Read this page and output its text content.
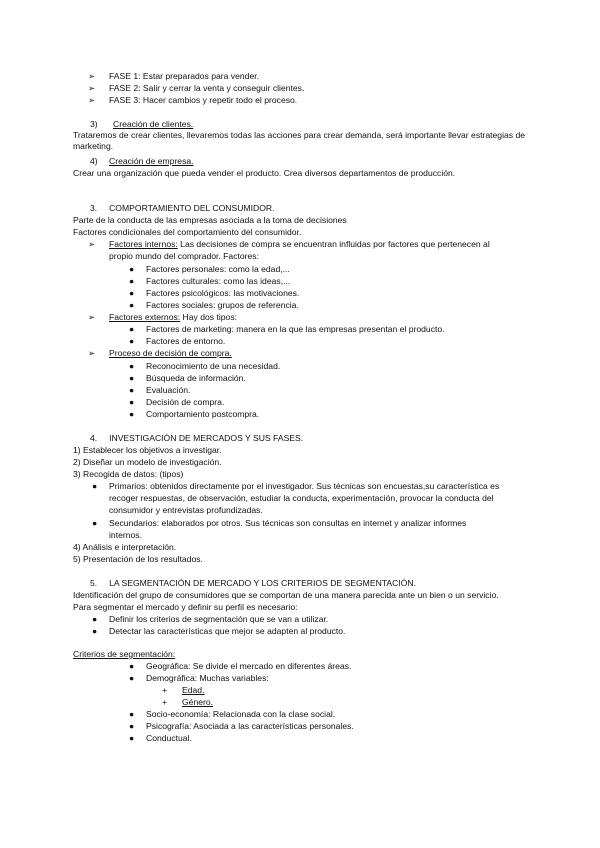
➢ FASE 1: Estar preparados para vender.
➢ FASE 2: Salir y cerrar la venta y conseguir clientes.
➢ FASE 3: Hacer cambios y repetir todo el proceso.
3) Creación de clientes.
Trataremos de crear clientes, llevaremos todas las acciones para crear demanda, será importante llevar estrategias de marketing.
4) Creación de empresa.
Crear una organización que pueda vender el producto. Crea diversos departamentos de producción.
3.     COMPORTAMIENTO DEL CONSUMIDOR.
Parte de la conducta de las empresas asociada a la toma de decisiones
Factores condicionales del comportamiento del consumidor.
➢ Factores internos: Las decisiones de compra se encuentran influidas por factores que pertenecen al
propio mundo del comprador. Factores:
● Factores personales: como la edad,...
● Factores culturales: como las ideas,...
● Factores psicológicos: las motivaciones.
● Factores sociales: grupos de referencia.
➢ Factores externos: Hay dos tipos:
● Factores de marketing: manera en la que las empresas presentan el producto.
● Factores de entorno.
➢ Proceso de decisión de compra.
● Reconocimiento de una necesidad.
● Búsqueda de información.
● Evaluación.
● Decisión de compra.
● Comportamiento postcompra.
4.     INVESTIGACIÓN DE MERCADOS Y SUS FASES.
1) Establecer los objetivos a investigar.
2) Diseñar un modelo de investigación.
3) Recogida de datos: (tipos)
● Primarios: obtenidos directamente por el investigador. Sus técnicas son encuestas,su característica es
recoger respuestas, de observación, estudiar la conducta, experimentación, provocar la conducta del
consumidor y entrevistas profundizadas.
● Secundarios: elaborados por otros. Sus técnicas son consultas en internet y analizar informes
internos.
4) Análisis e interpretación.
5) Presentación de los resultados.
5.     LA SEGMENTACIÓN DE MERCADO Y LOS CRITERIOS DE SEGMENTACIÓN.
Identificación del grupo de consumidores que se comportan de una manera parecida ante un bien o un servicio.
Para segmentar el mercado y definir su perfil es necesario:
● Definir los criterios de segmentación que se van a utilizar.
● Detectar las características que mejor se adapten al producto.
Criterios de segmentación:
● Geográfica: Se divide el mercado en diferentes áreas.
● Demográfica: Muchas variables:
+ Edad.
+ Género.
● Socio-economía: Relacionada con la clase social.
● Psicografía: Asociada a las características personales.
● Conductual.
